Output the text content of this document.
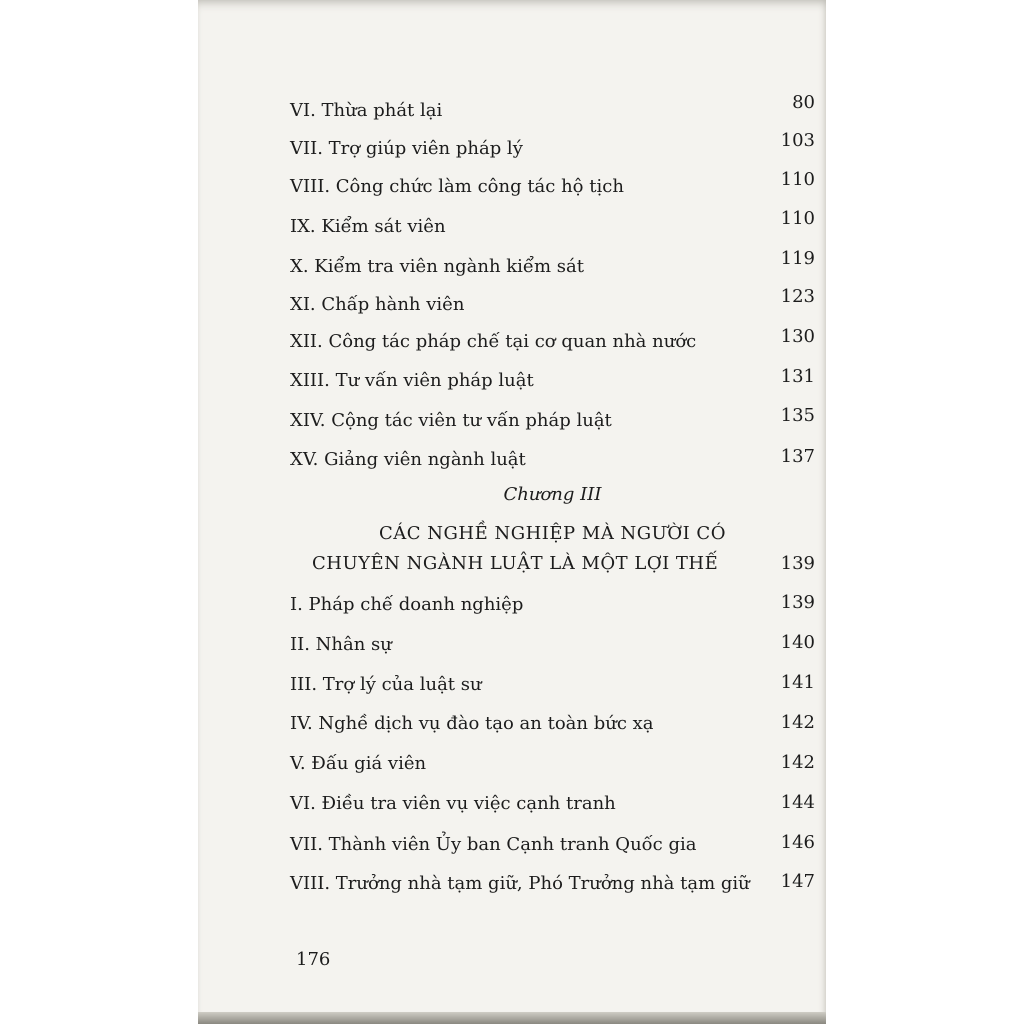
VI. Thừa phát lại	80
VII. Trợ giúp viên pháp lý	103
VIII. Công chức làm công tác hộ tịch	110
IX. Kiểm sát viên	110
X. Kiểm tra viên ngành kiểm sát	119
XI. Chấp hành viên	123
XII. Công tác pháp chế tại cơ quan nhà nước	130
XIII. Tư vấn viên pháp luật	131
XIV. Cộng tác viên tư vấn pháp luật	135
XV. Giảng viên ngành luật	137
Chương III
CÁC NGHỀ NGHIỆP MÀ NGƯỜI CÓ
CHUYÊN NGÀNH LUẬT LÀ MỘT LỢI THẾ	139
I. Pháp chế doanh nghiệp	139
II. Nhân sự	140
III. Trợ lý của luật sư	141
IV. Nghề dịch vụ đào tạo an toàn bức xạ	142
V. Đấu giá viên	142
VI. Điều tra viên vụ việc cạnh tranh	144
VII. Thành viên Ủy ban Cạnh tranh Quốc gia	146
VIII. Trưởng nhà tạm giữ, Phó Trưởng nhà tạm giữ 147
176
